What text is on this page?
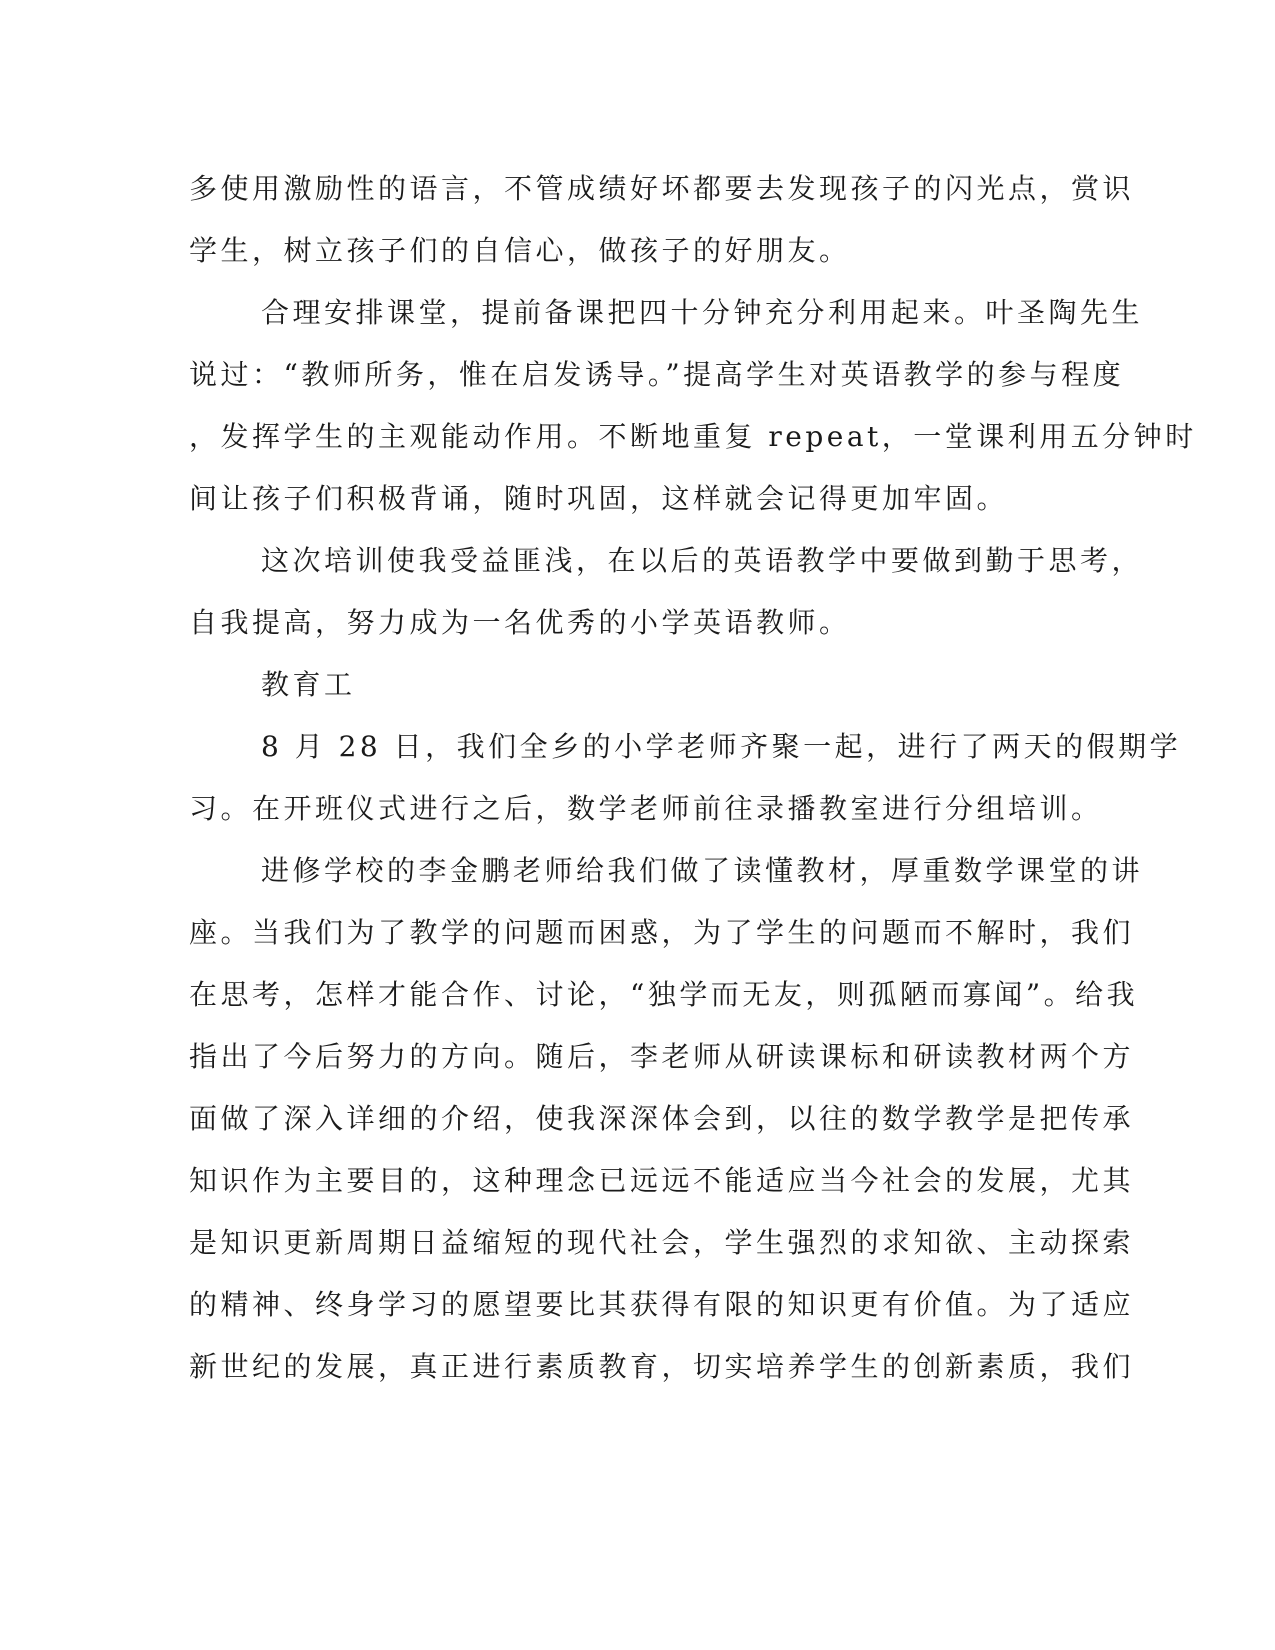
多使用激励性的语言，不管成绩好坏都要去发现孩子的闪光点，赏识
学生，树立孩子们的自信心，做孩子的好朋友。
合理安排课堂，提前备课把四十分钟充分利用起来。叶圣陶先生
说过：“教师所务，惟在启发诱导。”提高学生对英语教学的参与程度
，发挥学生的主观能动作用。不断地重复 repeat，一堂课利用五分钟时
间让孩子们积极背诵，随时巩固，这样就会记得更加牢固。
这次培训使我受益匪浅，在以后的英语教学中要做到勤于思考，
自我提高，努力成为一名优秀的小学英语教师。
教育工
8 月 28 日，我们全乡的小学老师齐聚一起，进行了两天的假期学
习。在开班仪式进行之后，数学老师前往录播教室进行分组培训。
进修学校的李金鹏老师给我们做了读懂教材，厚重数学课堂的讲
座。当我们为了教学的问题而困惑，为了学生的问题而不解时，我们
在思考，怎样才能合作、讨论，“独学而无友，则孤陋而寡闻”。给我
指出了今后努力的方向。随后，李老师从研读课标和研读教材两个方
面做了深入详细的介绍，使我深深体会到，以往的数学教学是把传承
知识作为主要目的，这种理念已远远不能适应当今社会的发展，尤其
是知识更新周期日益缩短的现代社会，学生强烈的求知欲、主动探索
的精神、终身学习的愿望要比其获得有限的知识更有价值。为了适应
新世纪的发展，真正进行素质教育，切实培养学生的创新素质，我们
